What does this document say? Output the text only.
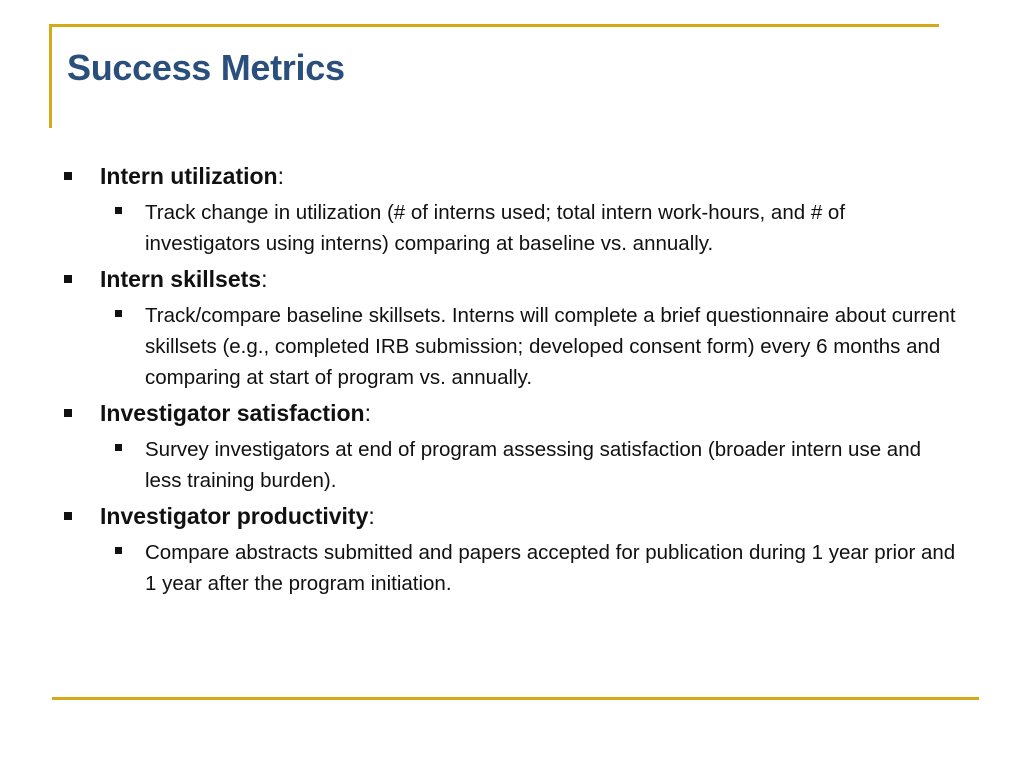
Success Metrics
Intern utilization:
Track change in utilization (# of interns used; total intern work-hours, and # of investigators using interns) comparing at baseline vs. annually.
Intern skillsets:
Track/compare baseline skillsets. Interns will complete a brief questionnaire about current skillsets (e.g., completed IRB submission; developed consent form) every 6 months and comparing at start of program vs. annually.
Investigator satisfaction:
Survey investigators at end of program assessing satisfaction (broader intern use and less training burden).
Investigator productivity:
Compare abstracts submitted and papers accepted for publication during 1 year prior and 1 year after the program initiation.
